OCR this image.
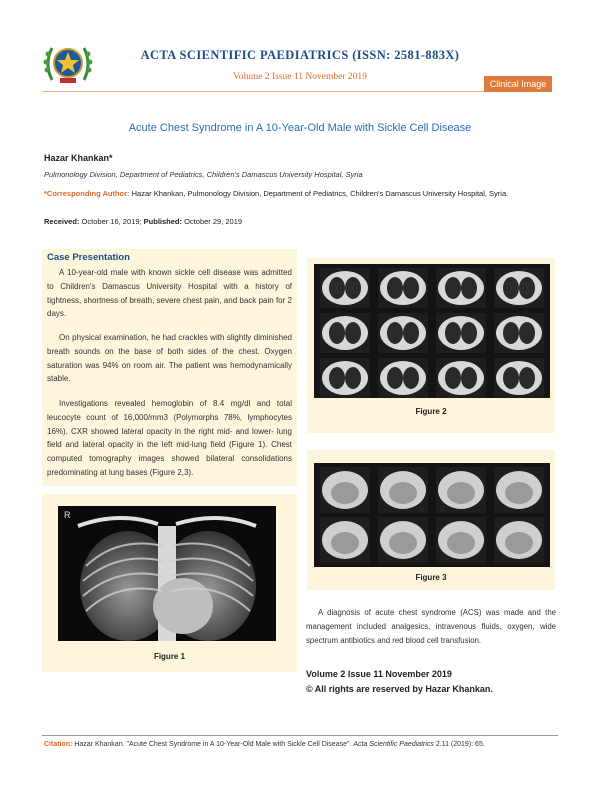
ACTA SCIENTIFIC PAEDIATRICS (ISSN: 2581-883X)
Volume 2 Issue 11 November 2019
Clinical Image
Acute Chest Syndrome in A 10-Year-Old Male with Sickle Cell Disease
Hazar Khankan*
Pulmonology Division, Department of Pediatrics, Children's Damascus University Hospital, Syria
*Corresponding Author: Hazar Khankan, Pulmonology Division, Department of Pediatrics, Children's Damascus University Hospital, Syria.
Received: October 16, 2019; Published: October 29, 2019
Case Presentation
A 10-year-old male with known sickle cell disease was admitted to Children's Damascus University Hospital with a history of tightness, shortness of breath, severe chest pain, and back pain for 2 days.
On physical examination, he had crackles with slightly diminished breath sounds on the base of both sides of the chest. Oxygen saturation was 94% on room air. The patient was hemodynamically stable.
Investigations revealed hemoglobin of 8.4 mg/dl and total leucocyte count of 16,000/mm3 (Polymorphs 78%, lymphocytes 16%). CXR showed lateral opacity in the right mid- and lower- lung field and lateral opacity in the left mid-lung field (Figure 1). Chest computed tomography images showed bilateral consolidations predominating at lung bases (Figure 2,3).
R
Figure 1
Figure 2
Figure 3
A diagnosis of acute chest syndrome (ACS) was made and the management included analgesics, intravenous fluids, oxygen, wide spectrum antibiotics and red blood cell transfusion.
Volume 2 Issue 11 November 2019
© All rights are reserved by Hazar Khankan.
Citation: Hazar Khankan. "Acute Chest Syndrome in A 10-Year-Old Male with Sickle Cell Disease". Acta Scientific Paediatrics 2.11 (2019): 65.
